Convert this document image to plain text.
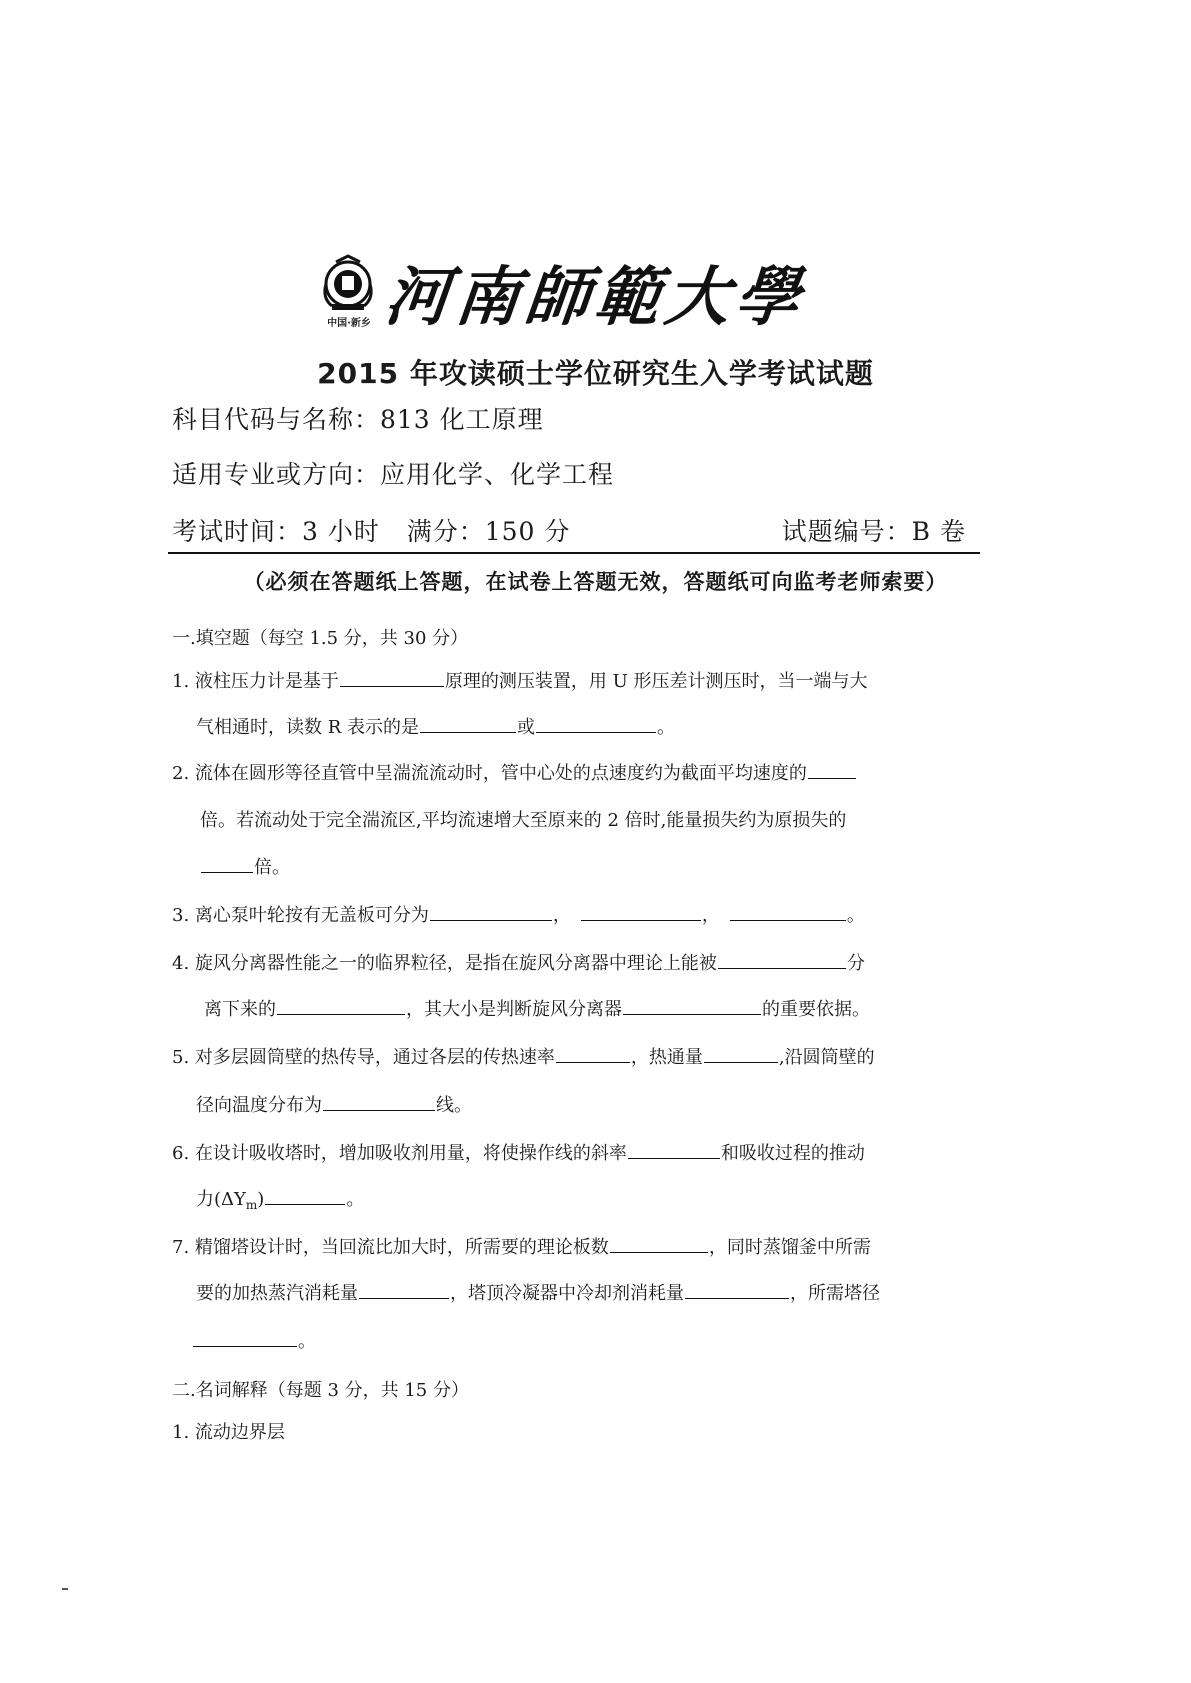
中国·新乡 河南師範大學
2015 年攻读硕士学位研究生入学考试试题
科目代码与名称：813 化工原理
适用专业或方向：应用化学、化学工程
考试时间：3 小时   满分：150 分	试题编号：B 卷
（必须在答题纸上答题，在试卷上答题无效，答题纸可向监考老师索要）
一.填空题（每空 1.5 分，共 30 分）
1. 液柱压力计是基于	原理的测压装置，用 U 形压差计测压时，当一端与大
气相通时，读数 R 表示的是	或	。
2. 流体在圆形等径直管中呈湍流流动时，管中心处的点速度约为截面平均速度的
倍。若流动处于完全湍流区,平均流速增大至原来的 2 倍时,能量损失约为原损失的
倍。
3. 离心泵叶轮按有无盖板可分为	，	，	。
4. 旋风分离器性能之一的临界粒径，是指在旋风分离器中理论上能被	分
离下来的	，其大小是判断旋风分离器	的重要依据。
5. 对多层圆筒壁的热传导，通过各层的传热速率	，热通量	,沿圆筒壁的
径向温度分布为	线。
6. 在设计吸收塔时，增加吸收剂用量，将使操作线的斜率	和吸收过程的推动
力$(\Delta Y_m)$	。
7. 精馏塔设计时，当回流比加大时，所需要的理论板数	，同时蒸馏釜中所需
要的加热蒸汽消耗量	，塔顶冷凝器中冷却剂消耗量	，所需塔径
。
二.名词解释（每题 3 分，共 15 分）
1. 流动边界层
